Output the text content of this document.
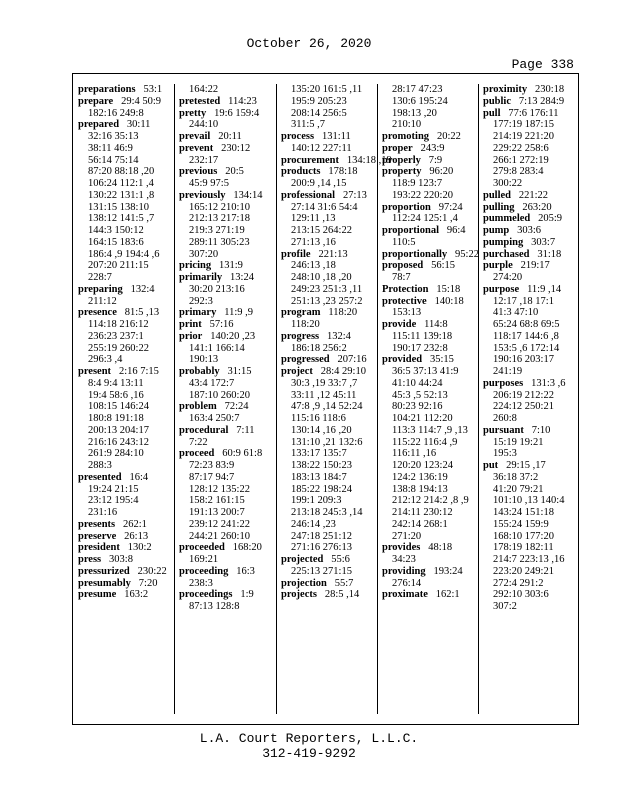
October 26, 2020
Page 338
preparations 53:1
prepare 29:4 50:9
182:16 249:8
prepared 30:11
32:16 35:13
38:11 46:9
56:14 75:14
87:20 88:18 ,20
106:24 112:1 ,4
130:22 131:1 ,8
131:15 138:10
138:12 141:5 ,7
144:3 150:12
164:15 183:6
186:4 ,9 194:4 ,6
207:20 211:15
228:7
preparing 132:4
211:12
presence 81:5 ,13
114:18 216:12
236:23 237:1
255:19 260:22
296:3 ,4
present 2:16 7:15
8:4 9:4 13:11
19:4 58:6 ,16
108:15 146:24
180:8 191:18
200:13 204:17
216:16 243:12
261:9 284:10
288:3
presented 16:4
19:24 21:15
23:12 195:4
231:16
presents 262:1
preserve 26:13
president 130:2
press 303:8
pressurized 230:22
presumably 7:20
presume 163:2
164:22
pretested 114:23
pretty 19:6 159:4
244:10
prevail 20:11
prevent 230:12
232:17
previous 20:5
45:9 97:5
previously 134:14
165:12 210:10
212:13 217:18
219:3 271:19
289:11 305:23
307:20
pricing 131:9
primarily 13:24
30:20 213:16
292:3
primary 11:9 ,9
print 57:16
prior 140:20 ,23
141:1 166:14
190:13
probably 31:15
43:4 172:7
187:10 260:20
problem 72:24
163:4 250:7
procedural 7:11
7:22
proceed 60:9 61:8
72:23 83:9
87:17 94:7
128:12 135:22
158:2 161:15
191:13 200:7
239:12 241:22
244:21 260:10
proceeded 168:20
169:21
proceeding 16:3
238:3
proceedings 1:9
87:13 128:8
135:20 161:5 ,11
195:9 205:23
208:14 256:5
311:5 ,7
process 131:11
140:12 227:11
procurement 134:18 ,19
products 178:18
200:9 ,14 ,15
professional 27:13
27:14 31:6 54:4
129:11 ,13
213:15 264:22
271:13 ,16
profile 221:13
246:13 ,18
248:10 ,18 ,20
249:23 251:3 ,11
251:13 ,23 257:2
program 118:20
118:20
progress 132:4
186:18 256:2
progressed 207:16
project 28:4 29:10
30:3 ,19 33:7 ,7
33:11 ,12 45:11
47:8 ,9 ,14 52:24
115:16 118:6
130:14 ,16 ,20
131:10 ,21 132:6
133:17 135:7
138:22 150:23
183:13 184:7
185:22 198:24
199:1 209:3
213:18 245:3 ,14
246:14 ,23
247:18 251:12
271:16 276:13
projected 55:6
225:13 271:15
projection 55:7
projects 28:5 ,14
28:17 47:23
130:6 195:24
198:13 ,20
210:10
promoting 20:22
proper 243:9
properly 7:9
property 96:20
118:9 123:7
193:22 220:20
proportion 97:24
112:24 125:1 ,4
proportional 96:4
110:5
proportionally 95:22
proposed 56:15
78:7
Protection 15:18
protective 140:18
153:13
provide 114:8
115:11 139:18
190:17 232:8
provided 35:15
36:5 37:13 41:9
41:10 44:24
45:3 ,5 52:13
80:23 92:16
104:21 112:20
113:3 114:7 ,9 ,13
115:22 116:4 ,9
116:11 ,16
120:20 123:24
124:2 136:19
138:8 194:13
212:12 214:2 ,8 ,9
214:11 230:12
242:14 268:1
271:20
provides 48:18
34:23
providing 193:24
276:14
proximate 162:1
proximity 230:18
public 7:13 284:9
pull 77:6 176:11
177:19 187:15
214:19 221:20
229:22 258:6
266:1 272:19
279:8 283:4
300:22
pulled 221:22
pulling 263:20
pummeled 205:9
pump 303:6
pumping 303:7
purchased 31:18
purple 219:17
274:20
purpose 11:9 ,14
12:17 ,18 17:1
41:3 47:10
65:24 68:8 69:5
118:17 144:6 ,8
153:5 ,6 172:14
190:16 203:17
241:19
purposes 131:3 ,6
206:19 212:22
224:12 250:21
260:8
pursuant 7:10
15:19 19:21
195:3
put 29:15 ,17
36:18 37:2
41:20 79:21
101:10 ,13 140:4
143:24 151:18
155:24 159:9
168:10 177:20
178:19 182:11
214:7 223:13 ,16
223:20 249:21
272:4 291:2
292:10 303:6
307:2
L.A. Court Reporters, L.L.C.
312-419-9292
